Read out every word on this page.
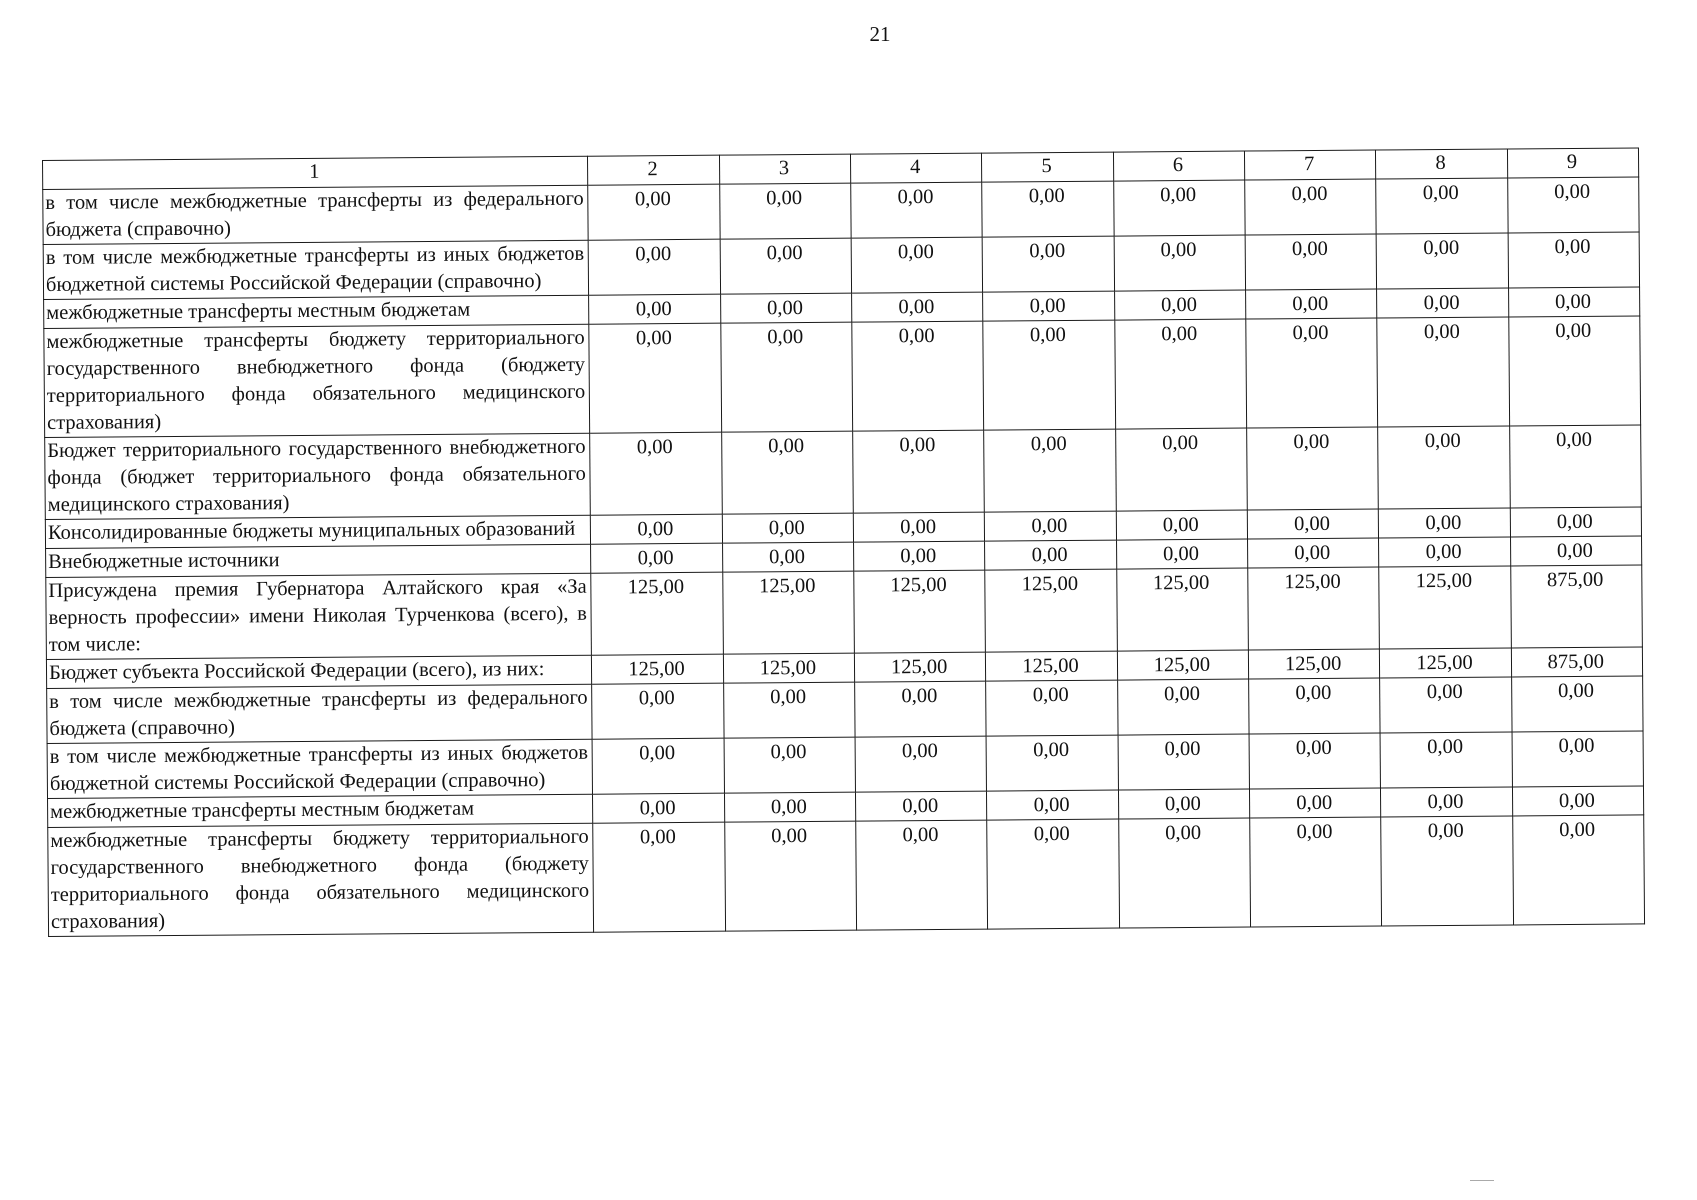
21
1	2	3	4	5	6	7	8	9
в том числе межбюджетные трансферты из федерального бюджета (справочно)	0,00	0,00	0,00	0,00	0,00	0,00	0,00	0,00
в том числе межбюджетные трансферты из иных бюджетов бюджетной системы Российской Федерации (справочно)	0,00	0,00	0,00	0,00	0,00	0,00	0,00	0,00
межбюджетные трансферты местным бюджетам	0,00	0,00	0,00	0,00	0,00	0,00	0,00	0,00
межбюджетные трансферты бюджету территориального государственного внебюджетного фонда (бюджету территориального фонда обязательного медицинского страхования)	0,00	0,00	0,00	0,00	0,00	0,00	0,00	0,00
Бюджет территориального государственного внебюджетного фонда (бюджет территориального фонда обязательного медицинского страхования)	0,00	0,00	0,00	0,00	0,00	0,00	0,00	0,00
Консолидированные бюджеты муниципальных образований	0,00	0,00	0,00	0,00	0,00	0,00	0,00	0,00
Внебюджетные источники	0,00	0,00	0,00	0,00	0,00	0,00	0,00	0,00
Присуждена премия Губернатора Алтайского края «За верность профессии» имени Николая Турченкова (всего), в том числе:	125,00	125,00	125,00	125,00	125,00	125,00	125,00	875,00
Бюджет субъекта Российской Федерации (всего), из них:	125,00	125,00	125,00	125,00	125,00	125,00	125,00	875,00
в том числе межбюджетные трансферты из федерального бюджета (справочно)	0,00	0,00	0,00	0,00	0,00	0,00	0,00	0,00
в том числе межбюджетные трансферты из иных бюджетов бюджетной системы Российской Федерации (справочно)	0,00	0,00	0,00	0,00	0,00	0,00	0,00	0,00
межбюджетные трансферты местным бюджетам	0,00	0,00	0,00	0,00	0,00	0,00	0,00	0,00
межбюджетные трансферты бюджету территориального государственного внебюджетного фонда (бюджету территориального фонда обязательного медицинского страхования)	0,00	0,00	0,00	0,00	0,00	0,00	0,00	0,00
